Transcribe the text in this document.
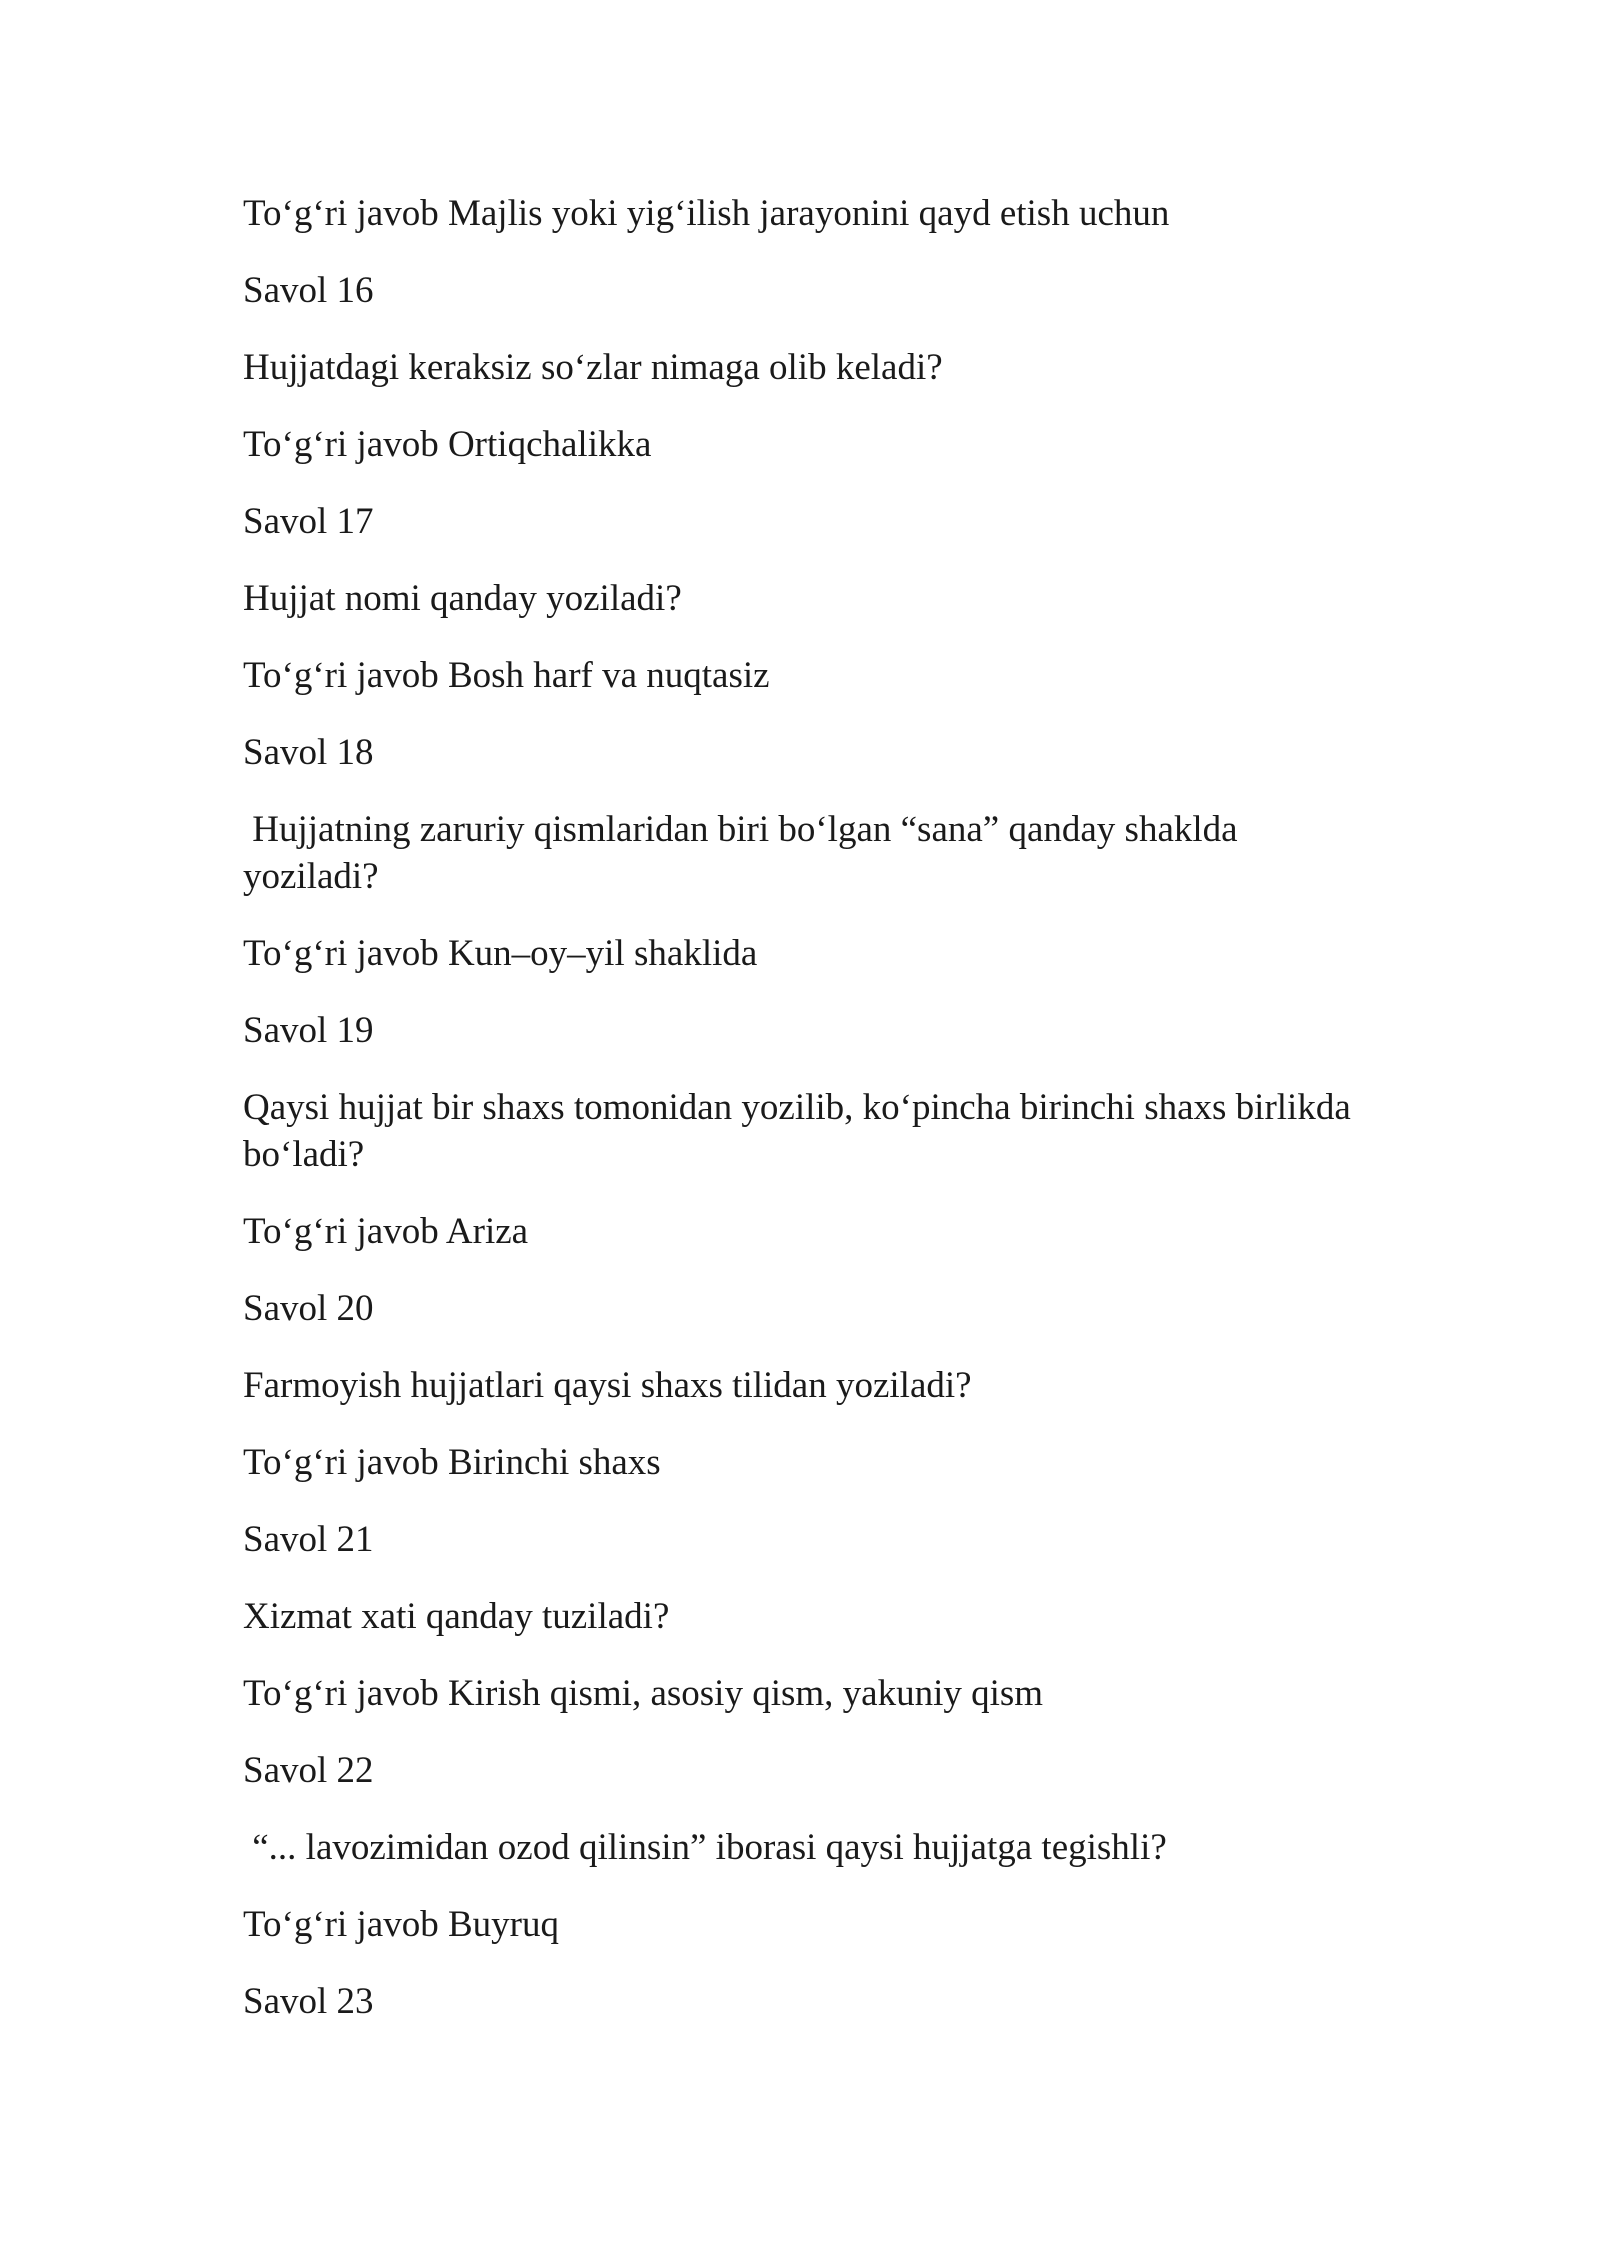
To‘g‘ri javob Majlis yoki yig‘ilish jarayonini qayd etish uchun

Savol 16

Hujjatdagi keraksiz so‘zlar nimaga olib keladi?

To‘g‘ri javob Ortiqchalikka

Savol 17

Hujjat nomi qanday yoziladi?

To‘g‘ri javob Bosh harf va nuqtasiz

Savol 18

Hujjatning zaruriy qismlaridan biri bo‘lgan “sana” qanday shaklda yoziladi?

To‘g‘ri javob Kun–oy–yil shaklida

Savol 19

Qaysi hujjat bir shaxs tomonidan yozilib, ko‘pincha birinchi shaxs birlikda bo‘ladi?

To‘g‘ri javob Ariza

Savol 20

Farmoyish hujjatlari qaysi shaxs tilidan yoziladi?

To‘g‘ri javob Birinchi shaxs

Savol 21

Xizmat xati qanday tuziladi?

To‘g‘ri javob Kirish qismi, asosiy qism, yakuniy qism

Savol 22

“... lavozimidan ozod qilinsin” iborasi qaysi hujjatga tegishli?

To‘g‘ri javob Buyruq

Savol 23
